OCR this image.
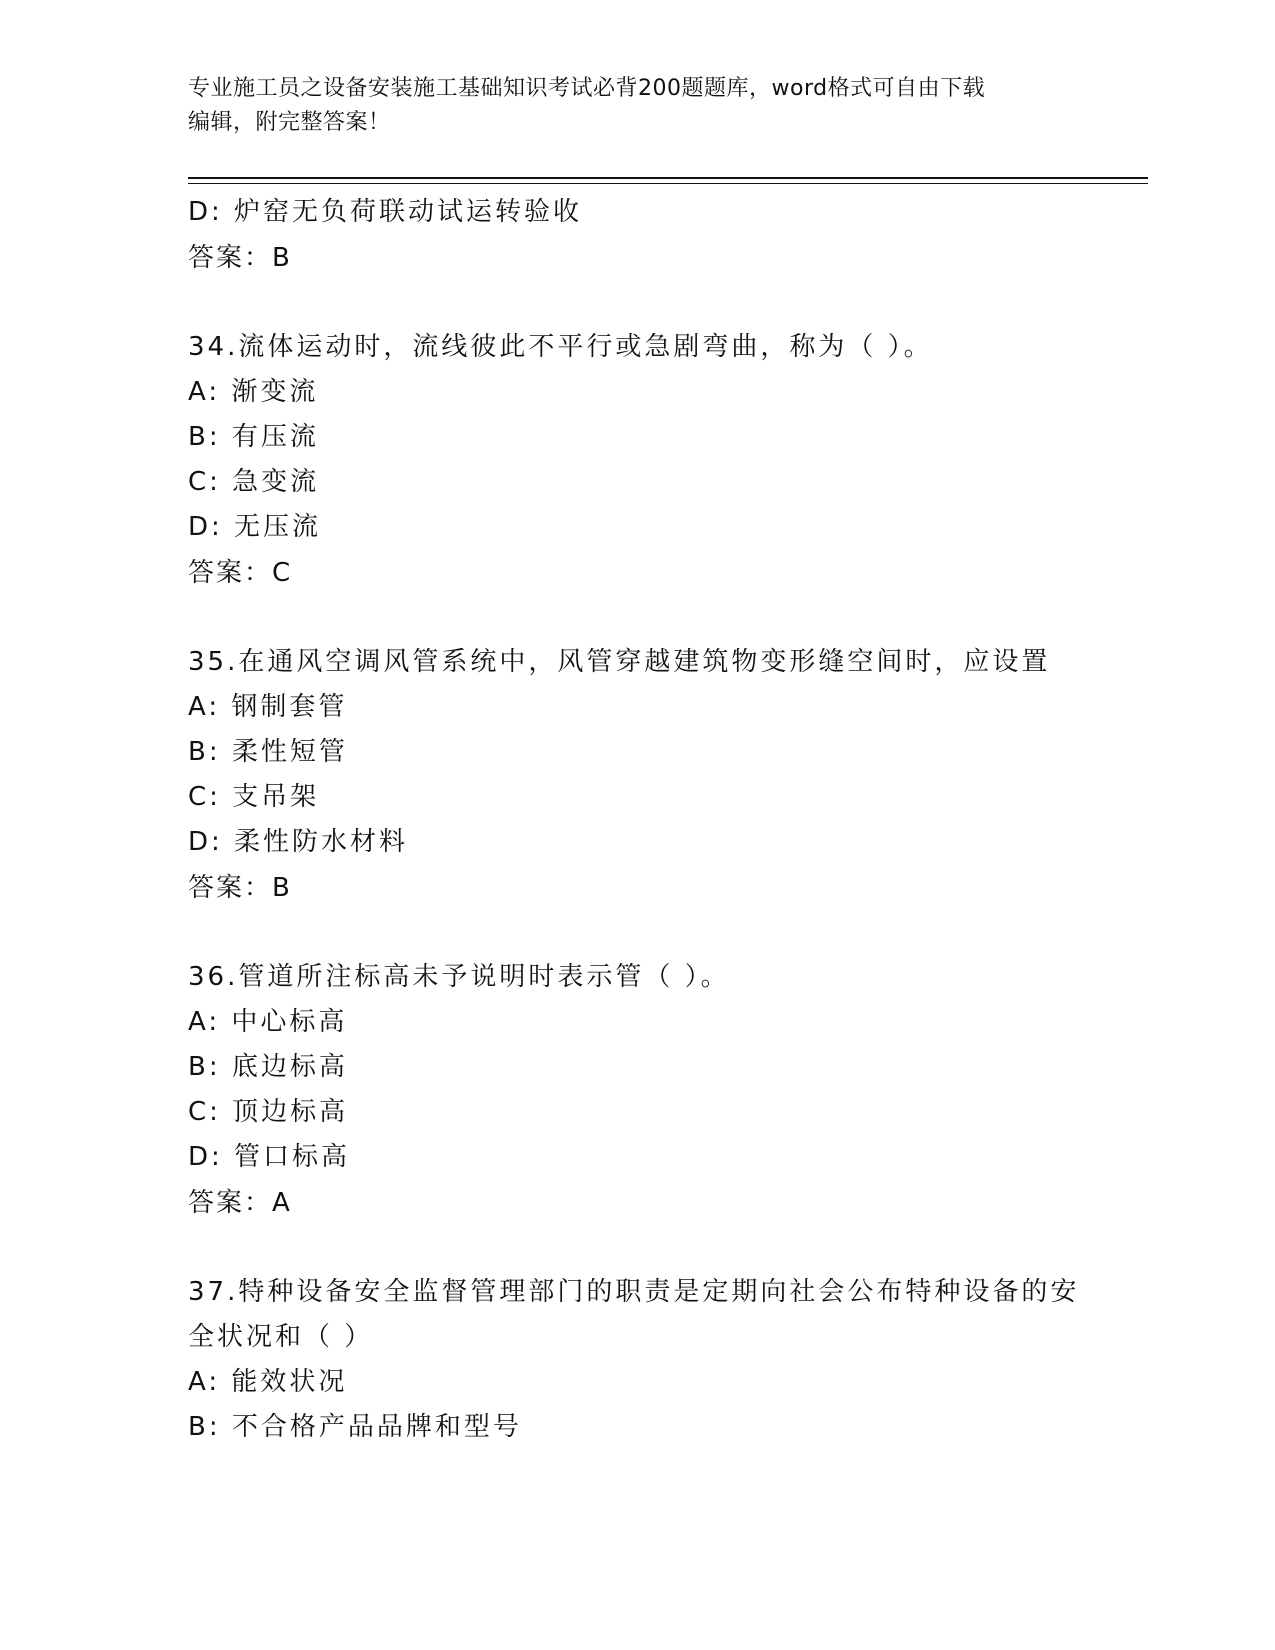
专业施工员之设备安装施工基础知识考试必背200题题库，word格式可自由下载
编辑，附完整答案！
D: 炉窑无负荷联动试运转验收
答案：B
34.流体运动时，流线彼此不平行或急剧弯曲，称为（ ）。
A: 渐变流
B: 有压流
C: 急变流
D: 无压流
答案：C
35.在通风空调风管系统中，风管穿越建筑物变形缝空间时，应设置
A: 钢制套管
B: 柔性短管
C: 支吊架
D: 柔性防水材料
答案：B
36.管道所注标高未予说明时表示管（ ）。
A: 中心标高
B: 底边标高
C: 顶边标高
D: 管口标高
答案：A
37.特种设备安全监督管理部门的职责是定期向社会公布特种设备的安
全状况和（ ）
A: 能效状况
B: 不合格产品品牌和型号
